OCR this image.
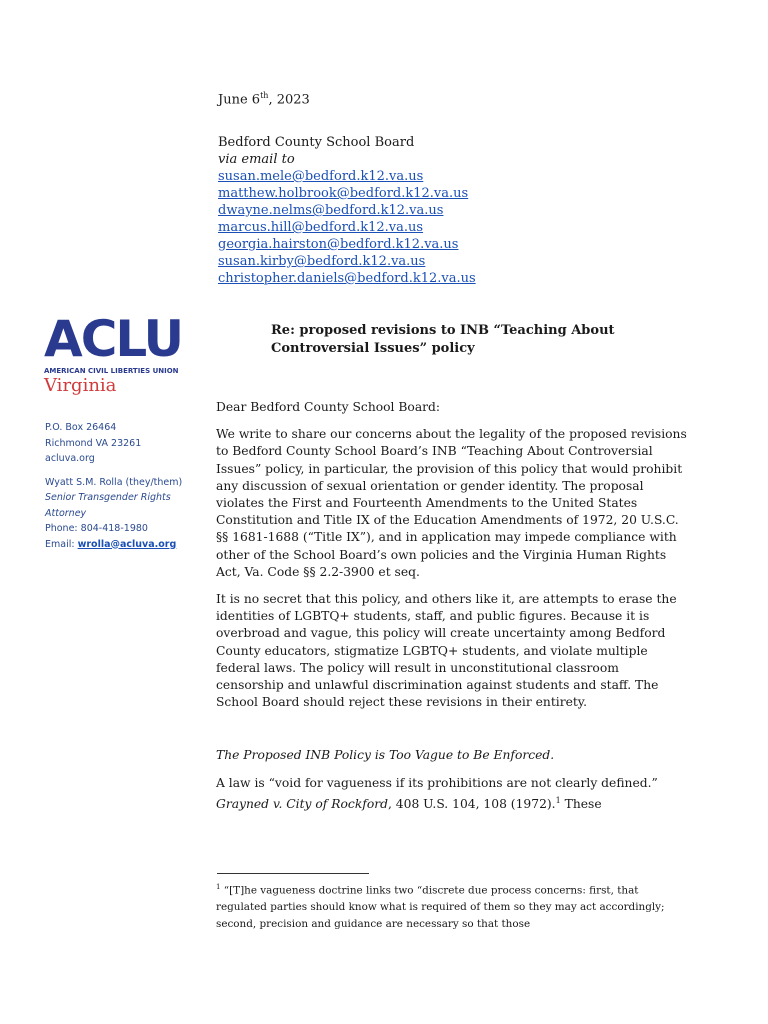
June 6th, 2023
Bedford County School Board
via email to
susan.mele@bedford.k12.va.us
matthew.holbrook@bedford.k12.va.us
dwayne.nelms@bedford.k12.va.us
marcus.hill@bedford.k12.va.us
georgia.hairston@bedford.k12.va.us
susan.kirby@bedford.k12.va.us
christopher.daniels@bedford.k12.va.us
ACLU
AMERICAN CIVIL LIBERTIES UNION
Virginia
P.O. Box 26464
Richmond VA 23261
acluva.org
Wyatt S.M. Rolla (they/them)
Senior Transgender Rights Attorney
Phone: 804-418-1980
Email: wrolla@acluva.org
Re: proposed revisions to INB “Teaching About
Controversial Issues” policy

Dear Bedford County School Board:

We write to share our concerns about the legality of the proposed revisions to Bedford County School Board’s INB “Teaching About Controversial Issues” policy, in particular, the provision of this policy that would prohibit any discussion of sexual orientation or gender identity. The proposal violates the First and Fourteenth Amendments to the United States Constitution and Title IX of the Education Amendments of 1972, 20 U.S.C. §§ 1681-1688 (“Title IX”), and in application may impede compliance with other of the School Board’s own policies and the Virginia Human Rights Act, Va. Code §§ 2.2-3900 et seq.

It is no secret that this policy, and others like it, are attempts to erase the identities of LGBTQ+ students, staff, and public figures. Because it is overbroad and vague, this policy will create uncertainty among Bedford County educators, stigmatize LGBTQ+ students, and violate multiple federal laws. The policy will result in unconstitutional classroom censorship and unlawful discrimination against students and staff. The School Board should reject these revisions in their entirety.

The Proposed INB Policy is Too Vague to Be Enforced.

A law is “void for vagueness if its prohibitions are not clearly defined.” Grayned v. City of Rockford, 408 U.S. 104, 108 (1972).$^1$ These

$^1$ “[T]he vagueness doctrine links two “discrete due process concerns: first, that regulated parties should know what is required of them so they may act accordingly; second, precision and guidance are necessary so that those
